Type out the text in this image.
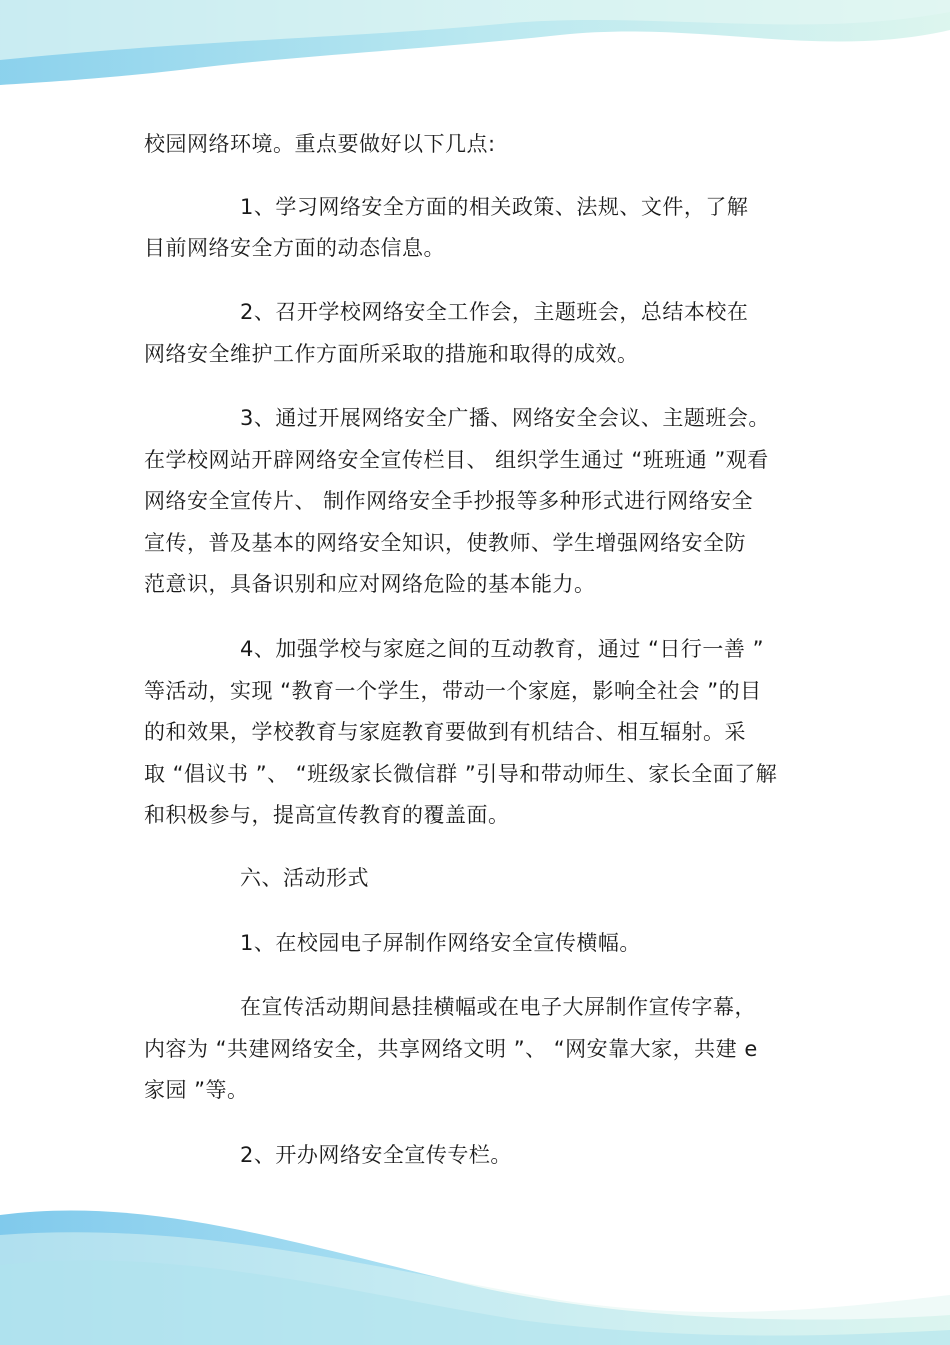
校园网络环境。重点要做好以下几点:
1、学习网络安全方面的相关政策、法规、文件，了解
目前网络安全方面的动态信息。
2、召开学校网络安全工作会，主题班会，总结本校在
网络安全维护工作方面所采取的措施和取得的成效。
3、通过开展网络安全广播、网络安全会议、主题班会。
在学校网站开辟网络安全宣传栏目、 组织学生通过 “班班通 ”观看
网络安全宣传片、 制作网络安全手抄报等多种形式进行网络安全
宣传，普及基本的网络安全知识，使教师、学生增强网络安全防
范意识，具备识别和应对网络危险的基本能力。
4、加强学校与家庭之间的互动教育，通过 “日行一善 ”
等活动，实现 “教育一个学生，带动一个家庭，影响全社会 ”的目
的和效果，学校教育与家庭教育要做到有机结合、相互辐射。采
取 “倡议书 ”、 “班级家长微信群 ”引导和带动师生、家长全面了解
和积极参与，提高宣传教育的覆盖面。
六、活动形式
1、在校园电子屏制作网络安全宣传横幅。
在宣传活动期间悬挂横幅或在电子大屏制作宣传字幕，
内容为 “共建网络安全，共享网络文明 ”、 “网安靠大家，共建 e
家园 ”等。
2、开办网络安全宣传专栏。
